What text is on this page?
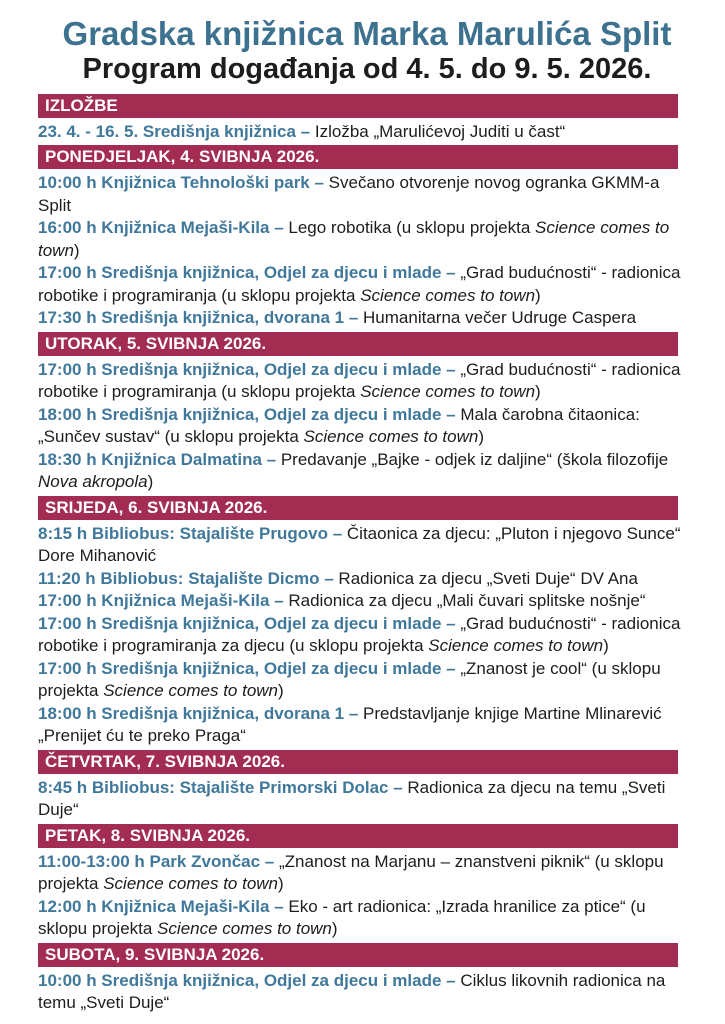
Gradska knjižnica Marka Marulića Split
Program događanja od 4. 5. do 9. 5. 2026.
IZLOŽBE

23. 4. - 16. 5. Središnja knjižnica – Izložba „Marulićevoj Juditi u čast“

PONEDJELJAK, 4. SVIBNJA 2026.

10:00 h Knjižnica Tehnološki park – Svečano otvorenje novog ogranka GKMM-a Split

16:00 h Knjižnica Mejaši-Kila – Lego robotika (u sklopu projekta Science comes to town)

17:00 h Središnja knjižnica, Odjel za djecu i mlade – „Grad budućnosti“ - radionica robotike i programiranja (u sklopu projekta Science comes to town)

17:30 h Središnja knjižnica, dvorana 1 – Humanitarna večer Udruge Caspera

UTORAK, 5. SVIBNJA 2026.

17:00 h Središnja knjižnica, Odjel za djecu i mlade – „Grad budućnosti“ - radionica robotike i programiranja (u sklopu projekta Science comes to town)

18:00 h Središnja knjižnica, Odjel za djecu i mlade – Mala čarobna čitaonica: „Sunčev sustav“ (u sklopu projekta Science comes to town)

18:30 h Knjižnica Dalmatina – Predavanje „Bajke - odjek iz daljine“ (škola filozofije Nova akropola)

SRIJEDA, 6. SVIBNJA 2026.

8:15 h Bibliobus: Stajalište Prugovo – Čitaonica za djecu: „Pluton i njegovo Sunce“ Dore Mihanović

11:20 h Bibliobus: Stajalište Dicmo – Radionica za djecu „Sveti Duje“ DV Ana

17:00 h Knjižnica Mejaši-Kila – Radionica za djecu „Mali čuvari splitske nošnje“

17:00 h Središnja knjižnica, Odjel za djecu i mlade – „Grad budućnosti“ - radionica robotike i programiranja za djecu (u sklopu projekta Science comes to town)

17:00 h Središnja knjižnica, Odjel za djecu i mlade – „Znanost je cool“ (u sklopu projekta Science comes to town)

18:00 h Središnja knjižnica, dvorana 1 – Predstavljanje knjige Martine Mlinarević „Prenijet ću te preko Praga“

ČETVRTAK, 7. SVIBNJA 2026.

8:45 h Bibliobus: Stajalište Primorski Dolac – Radionica za djecu na temu „Sveti Duje“

PETAK, 8. SVIBNJA 2026.

11:00-13:00 h Park Zvončac – „Znanost na Marjanu – znanstveni piknik“ (u sklopu projekta Science comes to town)

12:00 h Knjižnica Mejaši-Kila – Eko - art radionica: „Izrada hranilice za ptice“ (u sklopu projekta Science comes to town)

SUBOTA, 9. SVIBNJA 2026.

10:00 h Središnja knjižnica, Odjel za djecu i mlade – Ciklus likovnih radionica na temu „Sveti Duje“
